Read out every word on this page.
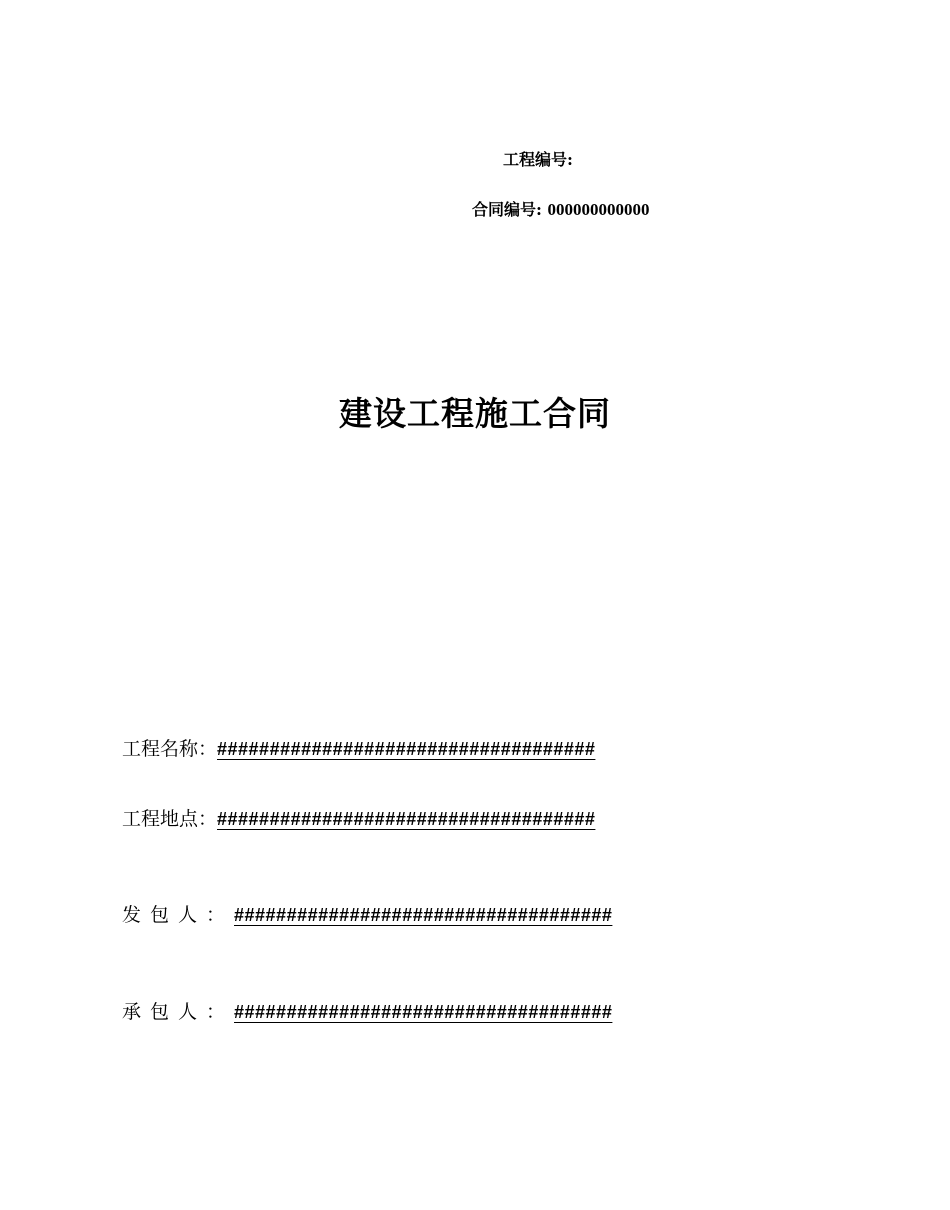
工程编号:
合同编号: 000000000000
建设工程施工合同
工程名称：####################################
工程地点：####################################
发包人：####################################
承包人：####################################
